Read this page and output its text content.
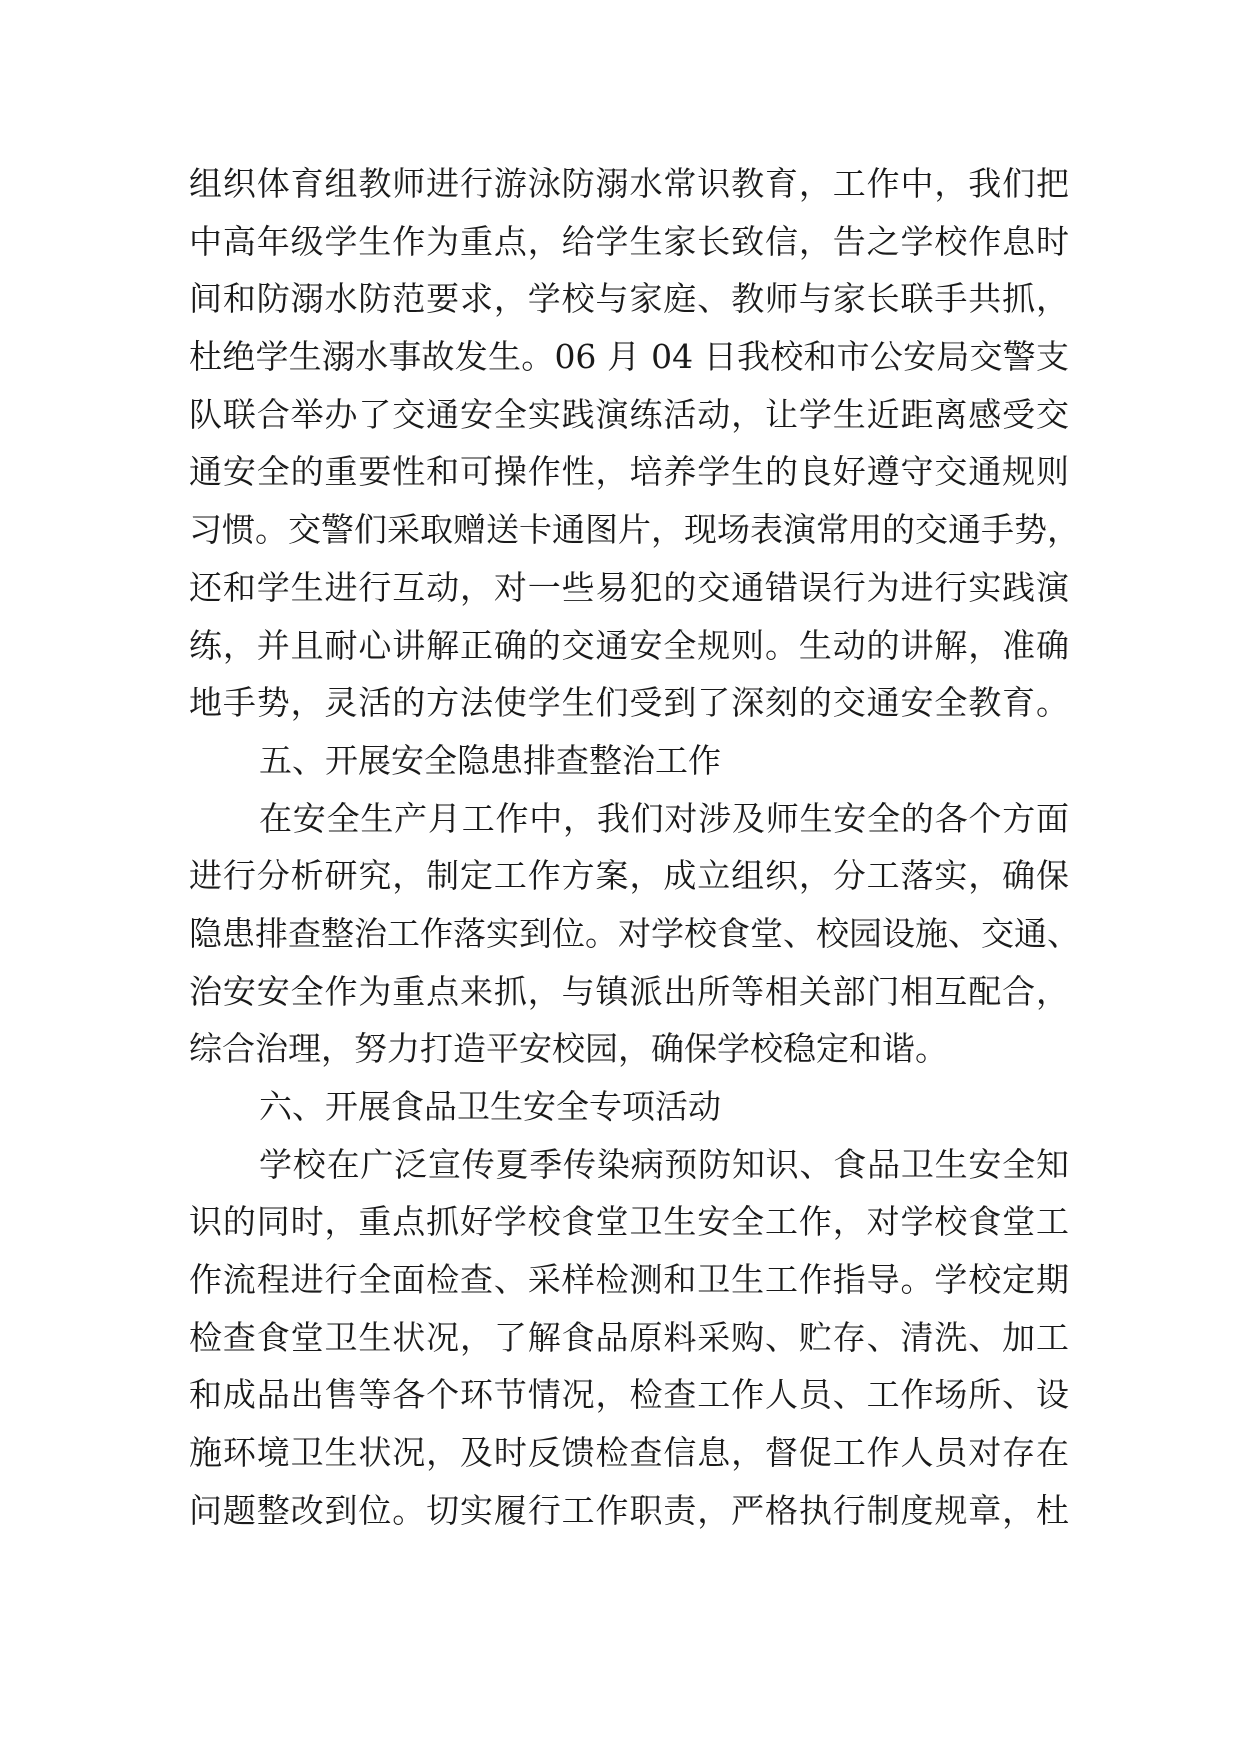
组织体育组教师进行游泳防溺水常识教育，工作中，我们把
中高年级学生作为重点，给学生家长致信，告之学校作息时
间和防溺水防范要求，学校与家庭、教师与家长联手共抓，
杜绝学生溺水事故发生。06 月 04 日我校和市公安局交警支
队联合举办了交通安全实践演练活动，让学生近距离感受交
通安全的重要性和可操作性，培养学生的良好遵守交通规则
习惯。交警们采取赠送卡通图片，现场表演常用的交通手势，
还和学生进行互动，对一些易犯的交通错误行为进行实践演
练，并且耐心讲解正确的交通安全规则。生动的讲解，准确
地手势，灵活的方法使学生们受到了深刻的交通安全教育。
五、开展安全隐患排查整治工作
在安全生产月工作中，我们对涉及师生安全的各个方面
进行分析研究，制定工作方案，成立组织，分工落实，确保
隐患排查整治工作落实到位。对学校食堂、校园设施、交通、
治安安全作为重点来抓，与镇派出所等相关部门相互配合，
综合治理，努力打造平安校园，确保学校稳定和谐。
六、开展食品卫生安全专项活动
学校在广泛宣传夏季传染病预防知识、食品卫生安全知
识的同时，重点抓好学校食堂卫生安全工作，对学校食堂工
作流程进行全面检查、采样检测和卫生工作指导。学校定期
检查食堂卫生状况，了解食品原料采购、贮存、清洗、加工
和成品出售等各个环节情况，检查工作人员、工作场所、设
施环境卫生状况，及时反馈检查信息，督促工作人员对存在
问题整改到位。切实履行工作职责，严格执行制度规章，杜
